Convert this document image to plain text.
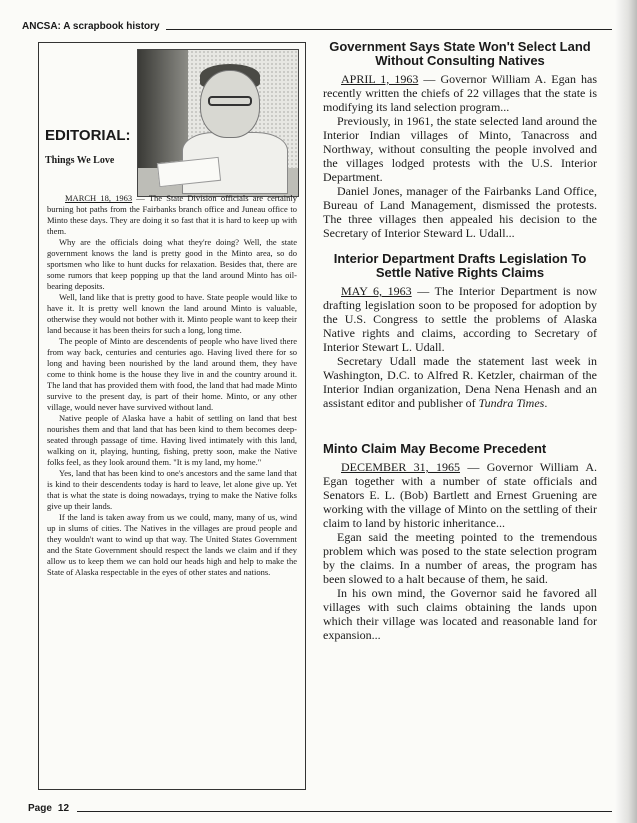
ANCSA: A scrapbook history
EDITORIAL:
Things We Love

MARCH 18, 1963 — The State Division officials are certainly burning hot paths from the Fairbanks branch office and Juneau office to Minto these days. They are doing it so fast that it is hard to keep up with them.

Why are the officials doing what they're doing? Well, the state government knows the land is pretty good in the Minto area, so do sportsmen who like to hunt ducks for relaxation. Besides that, there are some rumors that keep popping up that the land around Minto has oil-bearing deposits.

Well, land like that is pretty good to have. State people would like to have it. It is pretty well known the land around Minto is valuable, otherwise they would not bother with it. Minto people want to keep their land because it has been theirs for such a long, long time.

The people of Minto are descendents of people who have lived there from way back, centuries and centuries ago. Having lived there for so long and having been nourished by the land around them, they have come to think home is the house they live in and the country around it. The land that has provided them with food, the land that had made Minto survive to the present day, is part of their home. Minto, or any other village, would never have survived without land.

Native people of Alaska have a habit of settling on land that best nourishes them and that land that has been kind to them becomes deep-seated through passage of time. Having lived intimately with this land, walking on it, playing, hunting, fishing, pretty soon, make the Native folks feel, as they look around them. "It is my land, my home."

Yes, land that has been kind to one's ancestors and the same land that is kind to their descendents today is hard to leave, let alone give up. Yet that is what the state is doing nowadays, trying to make the Native folks give up their lands.

If the land is taken away from us we could, many, many of us, wind up in slums of cities. The Natives in the villages are proud people and they wouldn't want to wind up that way. The United States Government and the State Government should respect the lands we claim and if they allow us to keep them we can hold our heads high and help to make the State of Alaska respectable in the eyes of other states and nations.

Government Says State Won't Select Land Without Consulting Natives

APRIL 1, 1963 — Governor William A. Egan has recently written the chiefs of 22 villages that the state is modifying its land selection program...

Previously, in 1961, the state selected land around the Interior Indian villages of Minto, Tanacross and Northway, without consulting the people involved and the villages lodged protests with the U.S. Interior Department.

Daniel Jones, manager of the Fairbanks Land Office, Bureau of Land Management, dismissed the protests. The three villages then appealed his decision to the Secretary of Interior Steward L. Udall...

Interior Department Drafts Legislation To Settle Native Rights Claims

MAY 6, 1963 — The Interior Department is now drafting legislation soon to be proposed for adoption by the U.S. Congress to settle the problems of Alaska Native rights and claims, according to Secretary of Interior Stewart L. Udall.

Secretary Udall made the statement last week in Washington, D.C. to Alfred R. Ketzler, chairman of the Interior Indian organization, Dena Nena Henash and an assistant editor and publisher of Tundra Times.

Minto Claim May Become Precedent

DECEMBER 31, 1965 — Governor William A. Egan together with a number of state officials and Senators E. L. (Bob) Bartlett and Ernest Gruening are working with the village of Minto on the settling of their claim to land by historic inheritance...

Egan said the meeting pointed to the tremendous problem which was posed to the state selection program by the claims. In a number of areas, the program has been slowed to a halt because of them, he said.

In his own mind, the Governor said he favored all villages with such claims obtaining the lands upon which their village was located and reasonable land for expansion...

Page 12
